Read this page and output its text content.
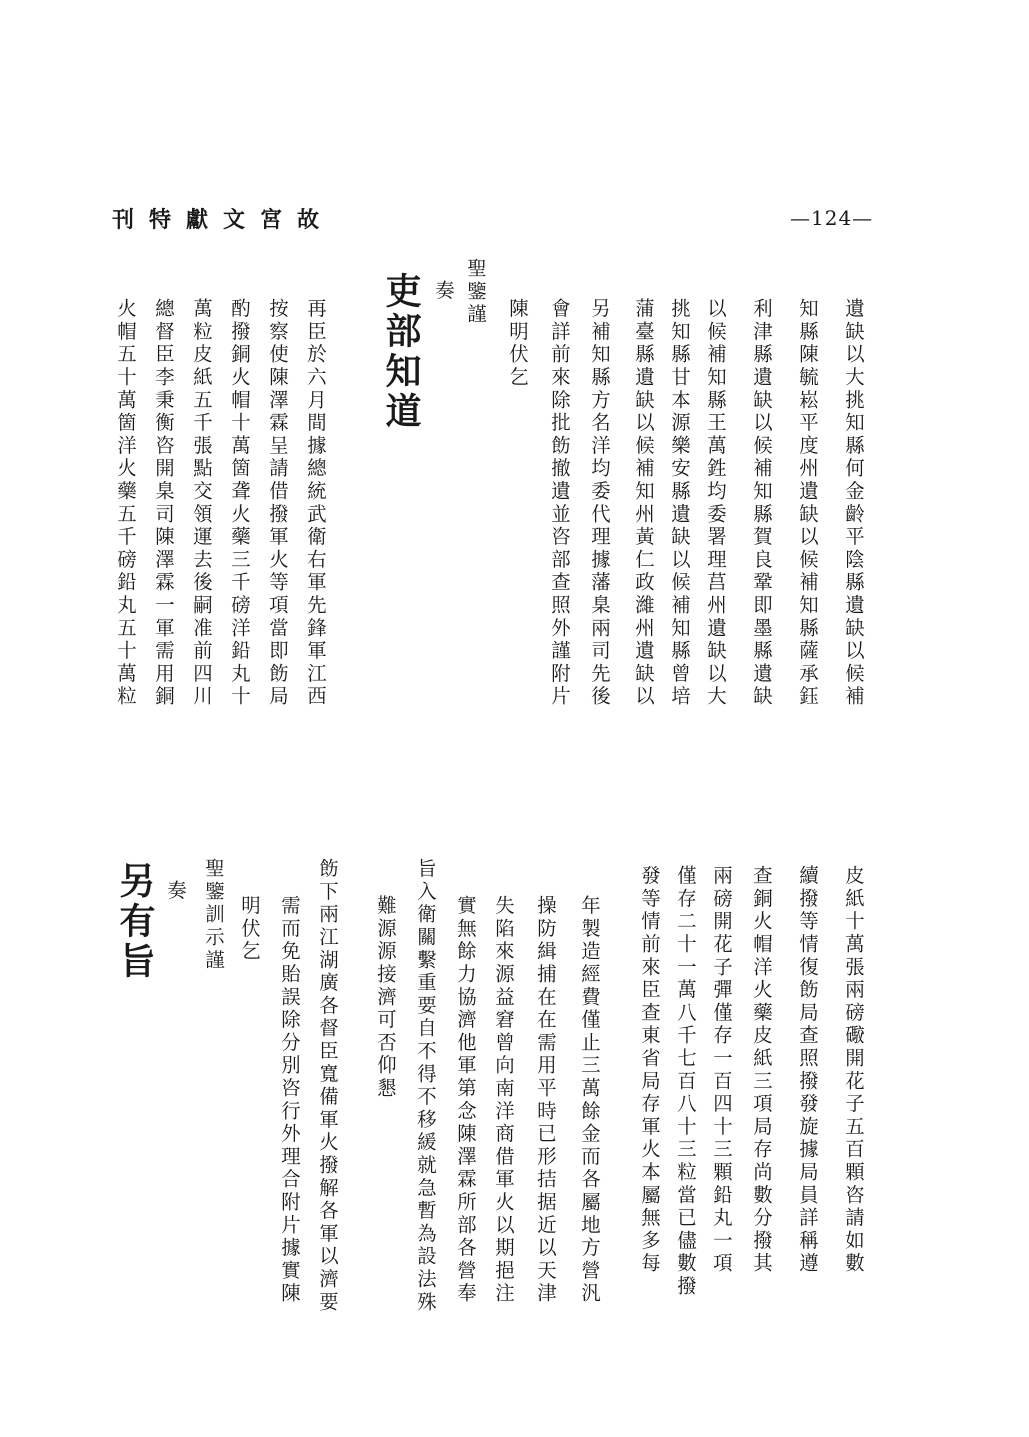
故宮文獻特刊	—124—
遺缺以大挑知縣何金齡平陰縣遺缺以候補
知縣陳毓崧平度州遺缺以候補知縣薩承鈺
利津縣遺缺以候補知縣賀良鞏即墨縣遺缺
以候補知縣王萬鉎均委署理莒州遺缺以大
挑知縣甘本源樂安縣遺缺以候補知縣曾培
蒲臺縣遺缺以候補知州黃仁政濰州遺缺以
另補知縣方名洋均委代理據藩臬兩司先後
會詳前來除批飭撤遺並咨部查照外謹附片
陳明伏乞
聖鑒謹
奏
吏部知道
再臣於六月間據總統武衛右軍先鋒軍江西
按察使陳澤霖呈請借撥軍火等項當即飭局
酌撥銅火帽十萬箇聋火藥三千磅洋鉛丸十
萬粒皮紙五千張點交領運去後嗣准前四川
總督臣李秉衡咨開臬司陳澤霖一軍需用銅
火帽五十萬箇洋火藥五千磅鉛丸五十萬粒
皮紙十萬張兩磅礮開花子五百顆咨請如數
續撥等情復飭局查照撥發旋據局員詳稱遵
查銅火帽洋火藥皮紙三項局存尚數分撥其
兩磅開花子彈僅存一百四十三顆鉛丸一項
僅存二十一萬八千七百八十三粒當已儘數撥
發等情前來臣查東省局存軍火本屬無多每
年製造經費僅止三萬餘金而各屬地方營汎
操防緝捕在在需用平時已形拮据近以天津
失陷來源益窘曾向南洋商借軍火以期挹注
實無餘力協濟他軍第念陳澤霖所部各營奉
旨入衛關繫重要自不得不移緩就急暫為設法殊
難源源接濟可否仰懇
飭下兩江湖廣各督臣寬備軍火撥解各軍以濟要
需而免貽誤除分別咨行外理合附片據實陳
明伏乞
聖鑒訓示謹
奏
另有旨
